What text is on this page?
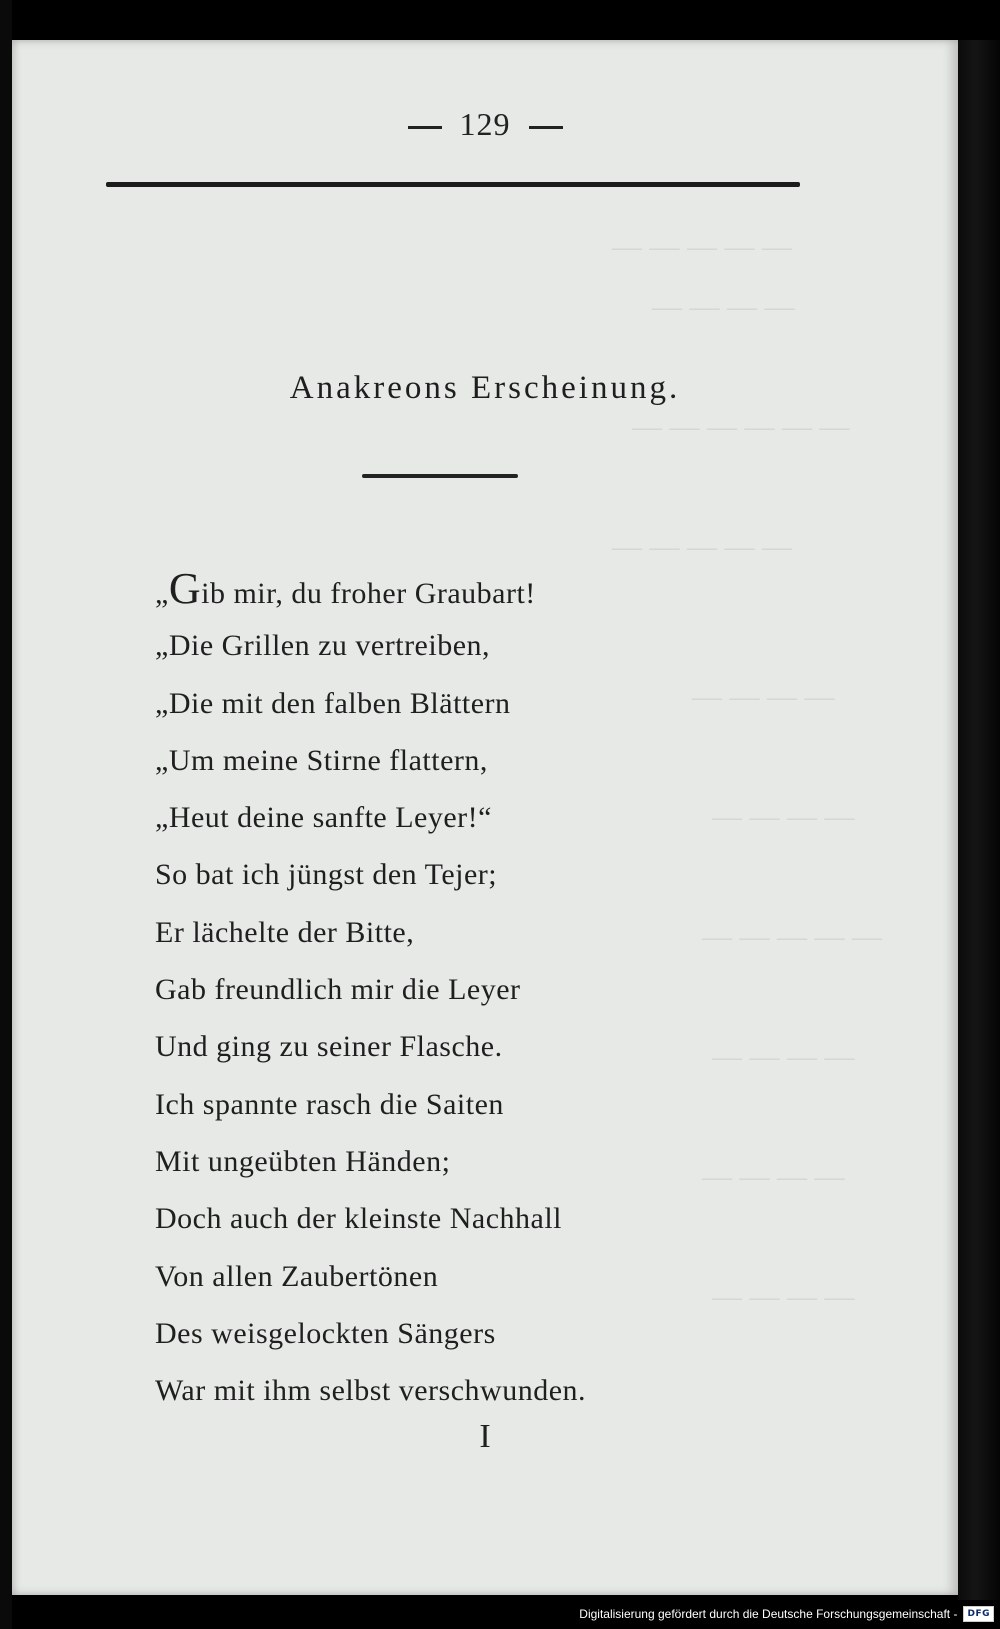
— — — — —
— — — —
— — — — — —
— — — — —
— — — —
— — — —
— — — — —
— — — —
— — — —
— — — —
129
Anakreons Erscheinung.
„Gib mir, du froher Graubart!
„Die Grillen zu vertreiben,
„Die mit den falben Blättern
„Um meine Stirne flattern,
„Heut deine sanfte Leyer!“
So bat ich jüngst den Tejer;
Er lächelte der Bitte,
Gab freundlich mir die Leyer
Und ging zu seiner Flasche.
Ich spannte rasch die Saiten
Mit ungeübten Händen;
Doch auch der kleinste Nachhall
Von allen Zaubertönen
Des weisgelockten Sängers
War mit ihm selbst verschwunden.
I
Digitalisierung gefördert durch die Deutsche Forschungsgemeinschaft -	DFG
